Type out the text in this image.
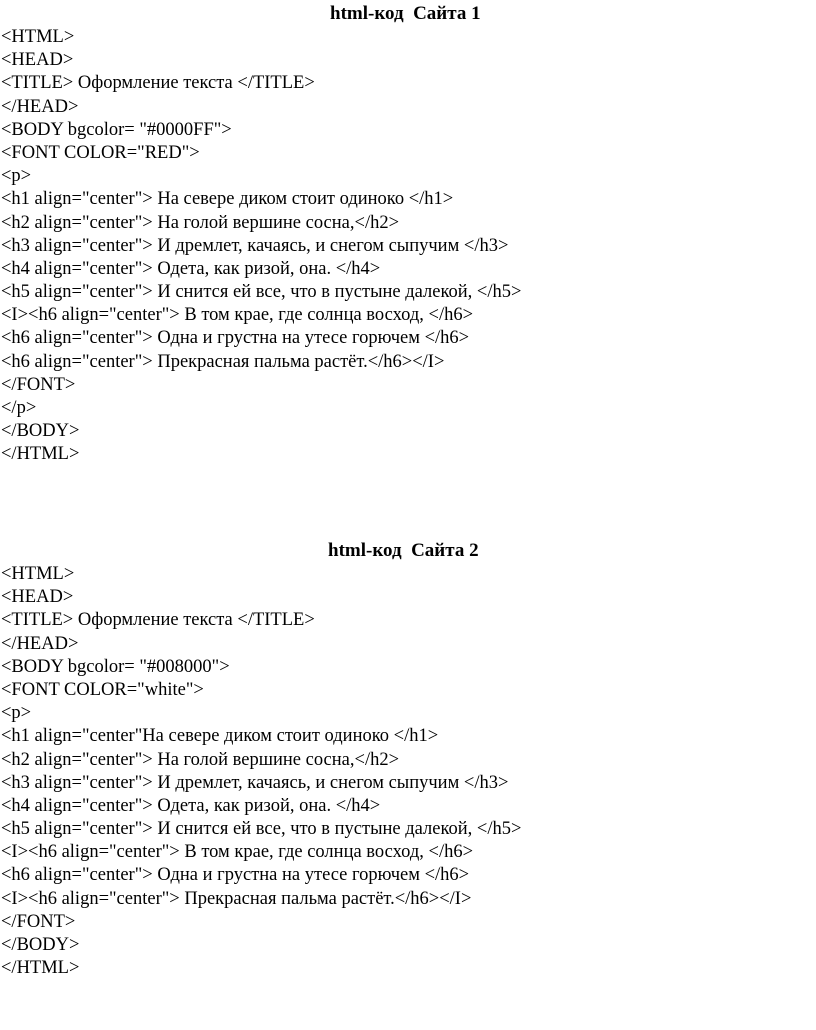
html-код  Сайта 1
<HTML>
<HEAD>
<TITLE> Оформление текста </TITLE>
</HEAD>
<BODY bgcolor= "#0000FF">
<FONT COLOR="RED">
<p>
<h1 align="center"> На севере диком стоит одиноко </h1>
<h2 align="center"> На голой вершине сосна,</h2>
<h3 align="center"> И дремлет, качаясь, и снегом сыпучим </h3>
<h4 align="center"> Одета, как ризой, она. </h4>
<h5 align="center"> И снится ей все, что в пустыне далекой, </h5>
<I><h6 align="center"> В том крае, где солнца восход, </h6>
<h6 align="center"> Одна и грустна на утесе горючем </h6>
<h6 align="center"> Прекрасная пальма растёт.</h6></I>
</FONT>
</p>
</BODY>
</HTML>
html-код  Сайта 2
<HTML>
<HEAD>
<TITLE> Оформление текста </TITLE>
</HEAD>
<BODY bgcolor= "#008000">
<FONT COLOR="white">
<p>
<h1 align="center"На севере диком стоит одиноко </h1>
<h2 align="center"> На голой вершине сосна,</h2>
<h3 align="center"> И дремлет, качаясь, и снегом сыпучим </h3>
<h4 align="center"> Одета, как ризой, она. </h4>
<h5 align="center"> И снится ей все, что в пустыне далекой, </h5>
<I><h6 align="center"> В том крае, где солнца восход, </h6>
<h6 align="center"> Одна и грустна на утесе горючем </h6>
<I><h6 align="center"> Прекрасная пальма растёт.</h6></I>
</FONT>
</BODY>
</HTML>
